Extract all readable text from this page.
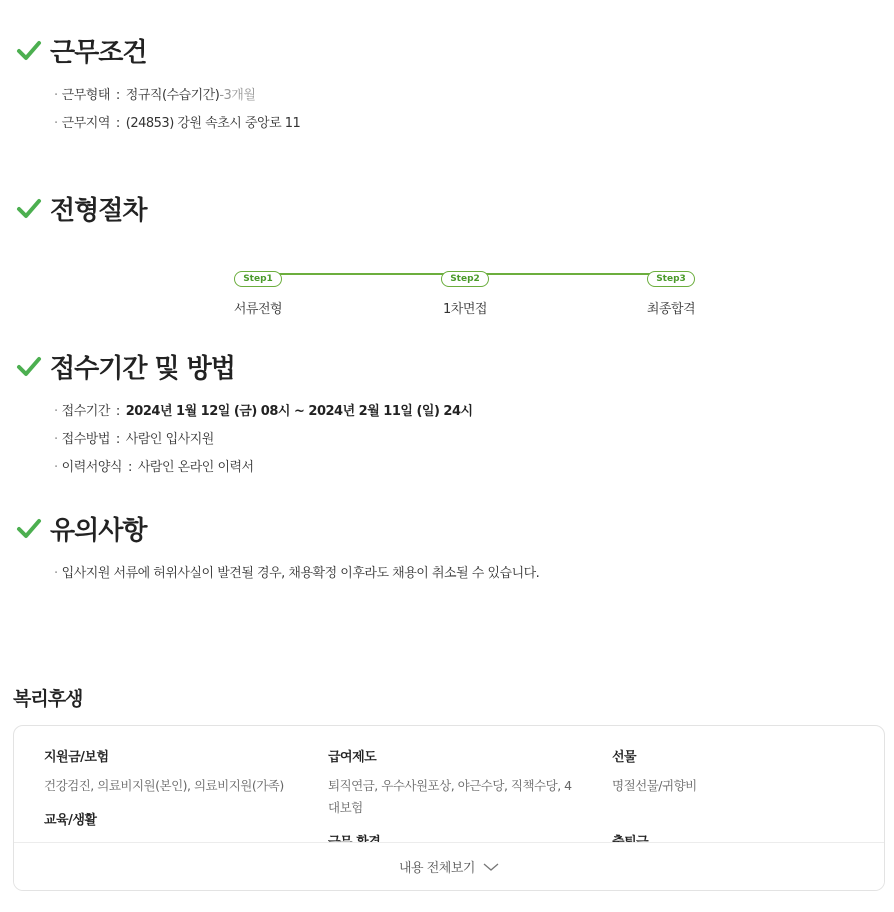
근무조건
· 근무형태 : 정규직(수습기간)-3개월
· 근무지역 : (24853) 강원 속초시 중앙로 11
전형절차
Step1
서류전형
Step2
1차면접
Step3
최종합격
접수기간 및 방법
· 접수기간 : 2024년 1월 12일 (금) 08시 ~ 2024년 2월 11일 (일) 24시
· 접수방법 : 사람인 입사지원
· 이력서양식 : 사람인 온라인 이력서
유의사항
· 입사지원 서류에 허위사실이 발견될 경우, 채용확정 이후라도 채용이 취소될 수 있습니다.
복리후생
지원금/보험
건강검진, 의료비지원(본인), 의료비지원(가족)
교육/생활
급여제도
퇴직연금, 우수사원포상, 야근수당, 직책수당, 4대보험
선물
명절선물/귀향비
내용 전체보기
